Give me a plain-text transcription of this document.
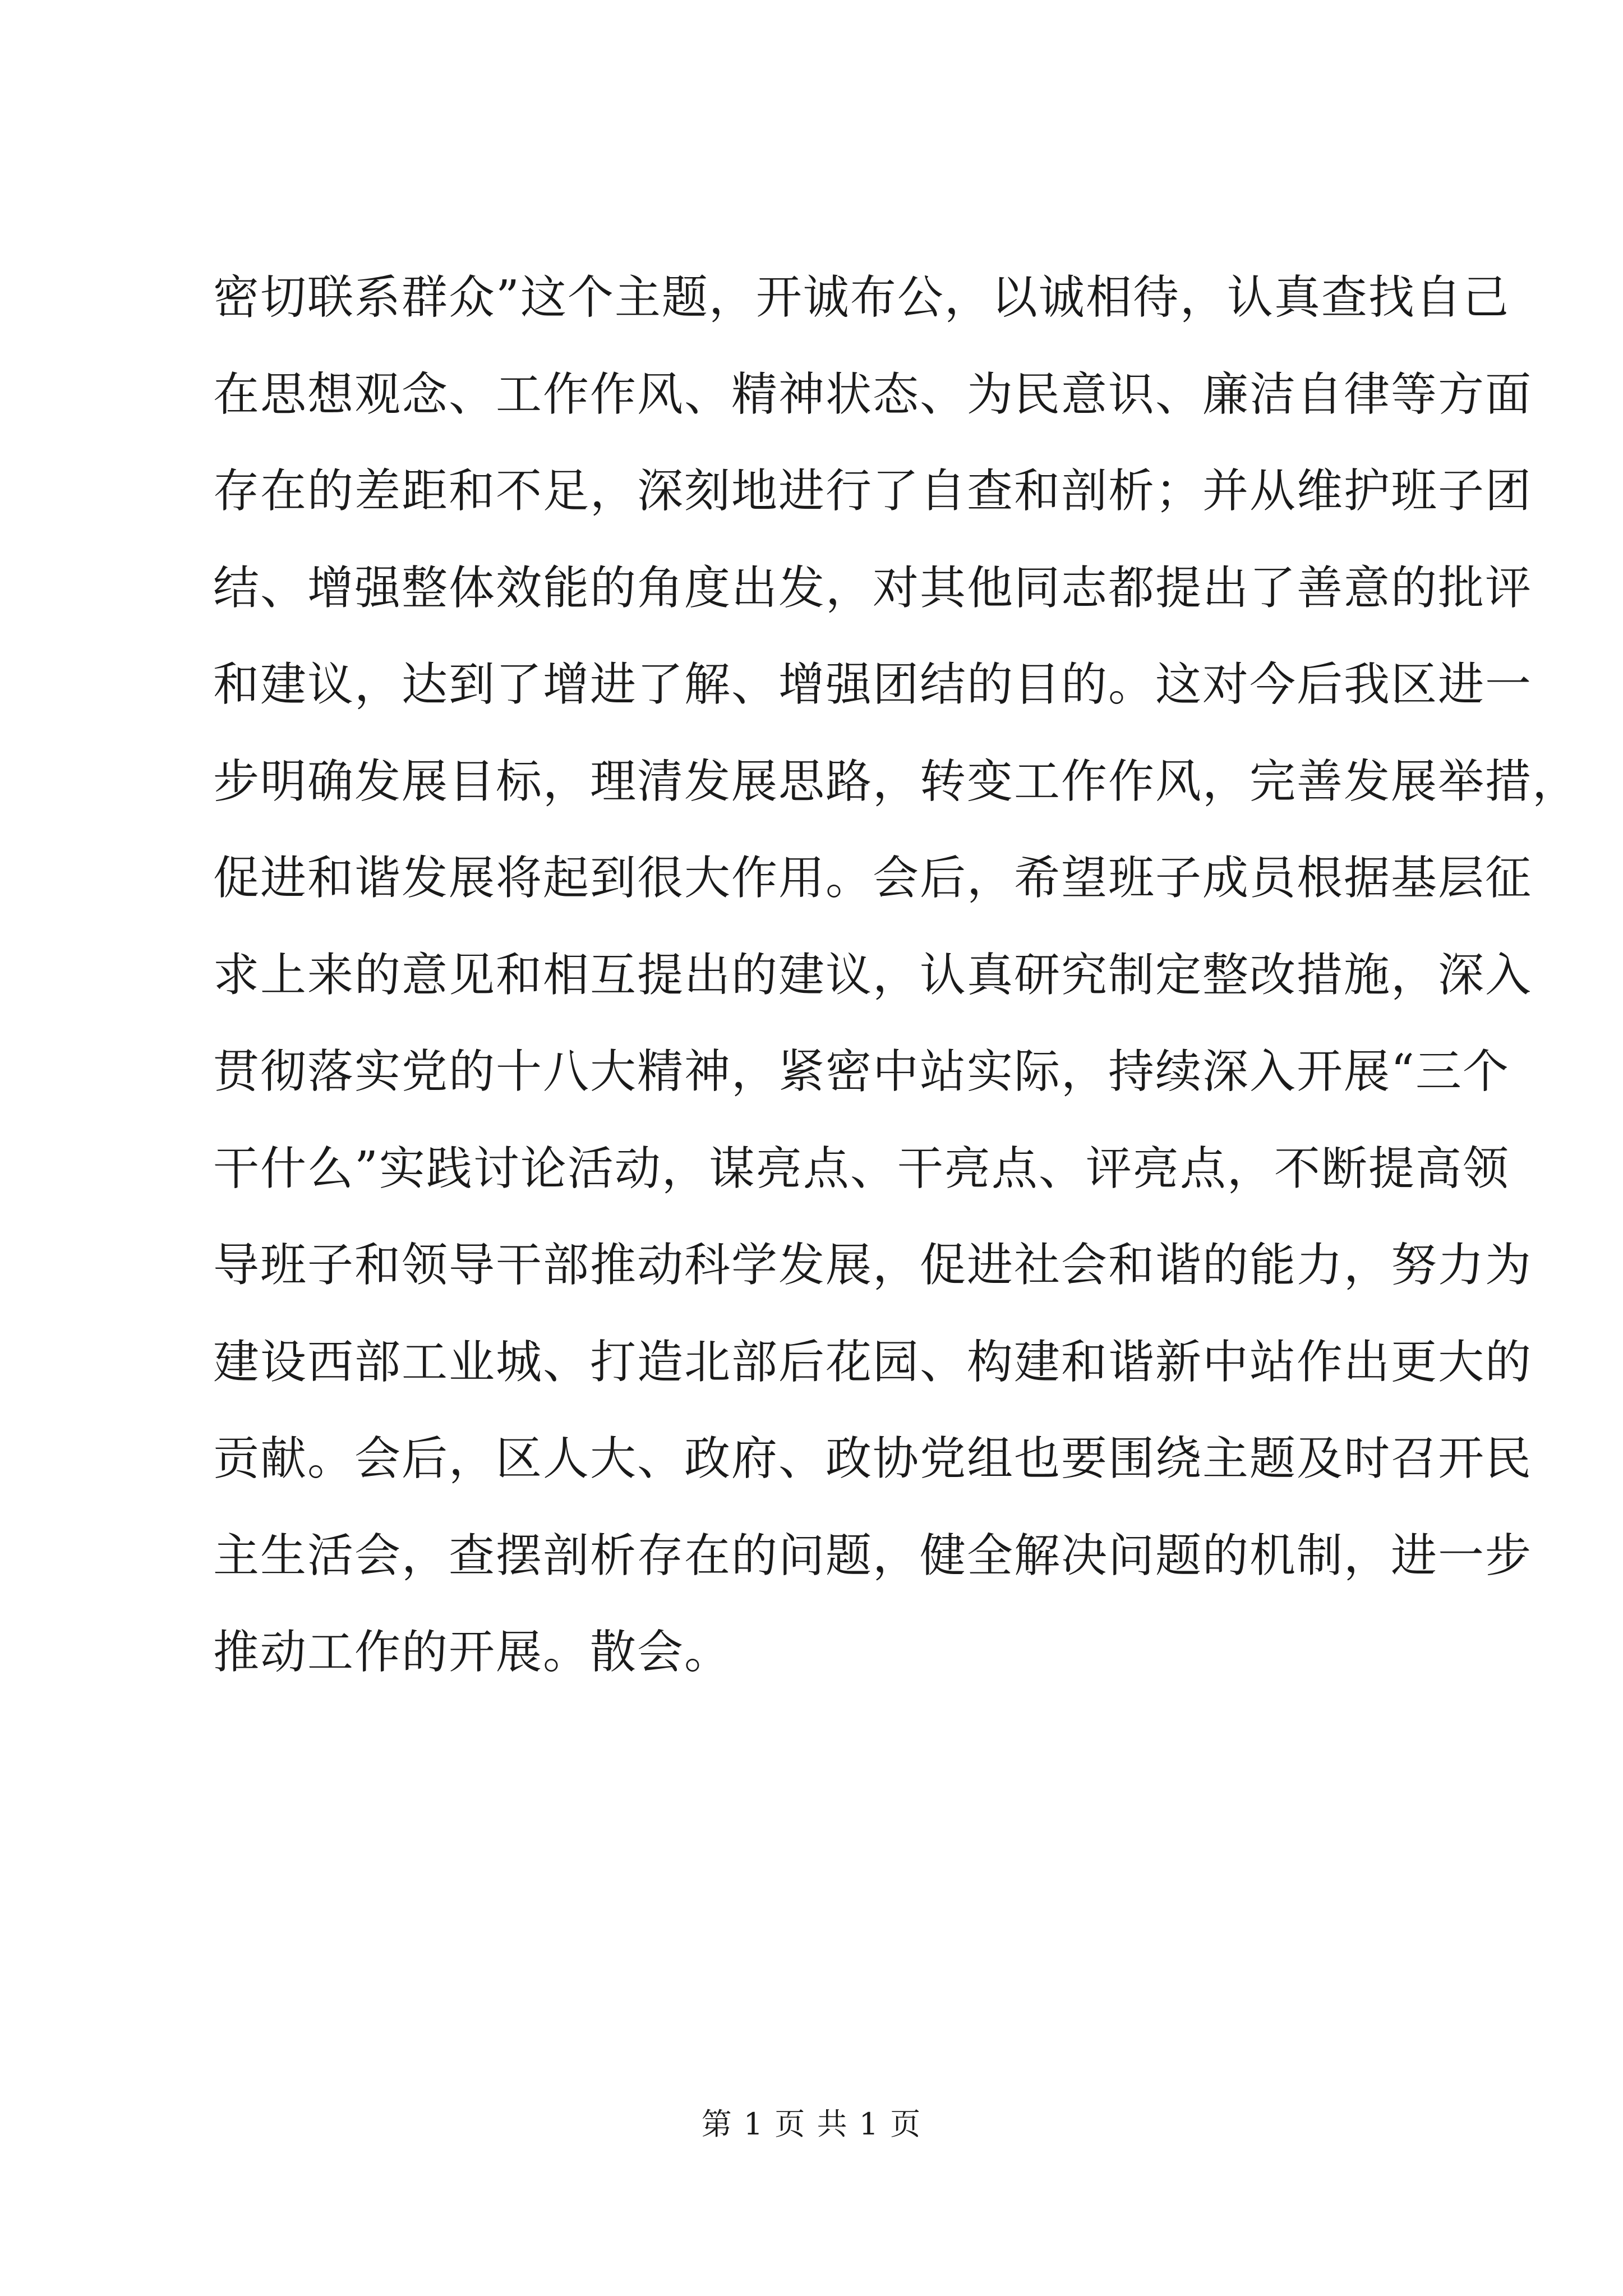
密切联系群众”这个主题，开诚布公，以诚相待，认真查找自己
在思想观念、工作作风、精神状态、为民意识、廉洁自律等方面
存在的差距和不足，深刻地进行了自查和剖析；并从维护班子团
结、增强整体效能的角度出发，对其他同志都提出了善意的批评
和建议，达到了增进了解、增强团结的目的。这对今后我区进一
步明确发展目标，理清发展思路，转变工作作风，完善发展举措，
促进和谐发展将起到很大作用。会后，希望班子成员根据基层征
求上来的意见和相互提出的建议，认真研究制定整改措施，深入
贯彻落实党的十八大精神，紧密中站实际，持续深入开展“三个
干什么”实践讨论活动，谋亮点、干亮点、评亮点，不断提高领
导班子和领导干部推动科学发展，促进社会和谐的能力，努力为
建设西部工业城、打造北部后花园、构建和谐新中站作出更大的
贡献。会后，区人大、政府、政协党组也要围绕主题及时召开民
主生活会，查摆剖析存在的问题，健全解决问题的机制，进一步
推动工作的开展。散会。
第 1 页 共 1 页
